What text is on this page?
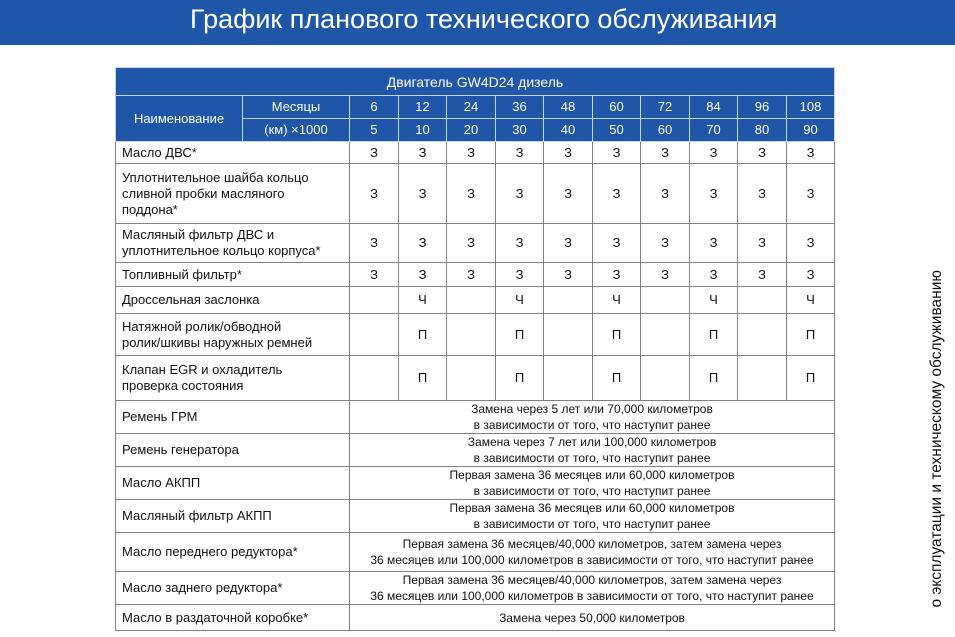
График планового технического обслуживания
Двигатель GW4D24 дизель											
Наименование	Месяцы	6	12	24	36	48	60	72	84	96	108
	(км) ×1000	5	10	20	30	40	50	60	70	80	90

Масло ДВС*		З	З	З	З	З	З	З	З	З	З

Уплотнительное шайба кольцо
сливной пробки масляного
поддона*		З	З	З	З	З	З	З	З	З	З

Масляный фильтр ДВС и
уплотнительное кольцо корпуса*		З	З	З	З	З	З	З	З	З	З

Топливный фильтр*		З	З	З	З	З	З	З	З	З	З

Дроссельная заслонка			Ч		Ч		Ч		Ч		Ч

Натяжной ролик/обводной
ролик/шкивы наружных ремней			П		П		П		П		П

Клапан EGR и охладитель
проверка состояния			П		П		П		П		П
Ремень ГРМ		Замена через 5 лет или 70,000 километров
в зависимости от того, что наступит ранее									

Ремень генератора		Замена через 7 лет или 100,000 километров
в зависимости от того, что наступит ранее									

Масло АКПП		Первая замена 36 месяцев или 60,000 километров
в зависимости от того, что наступит ранее									

Масляный фильтр АКПП		Первая замена 36 месяцев или 60,000 километров
в зависимости от того, что наступит ранее									

Масло переднего редуктора*		Первая замена 36 месяцев/40,000 километров, затем замена через
36 месяцев или 100,000 километров в зависимости от того, что наступит ранее									

Масло заднего редуктора*		Первая замена 36 месяцев/40,000 километров, затем замена через
36 месяцев или 100,000 километров в зависимости от того, что наступит ранее									

Масло в раздаточной коробке*		Замена через 50,000 километров									
о эксплуатации и техническому обслуживанию
